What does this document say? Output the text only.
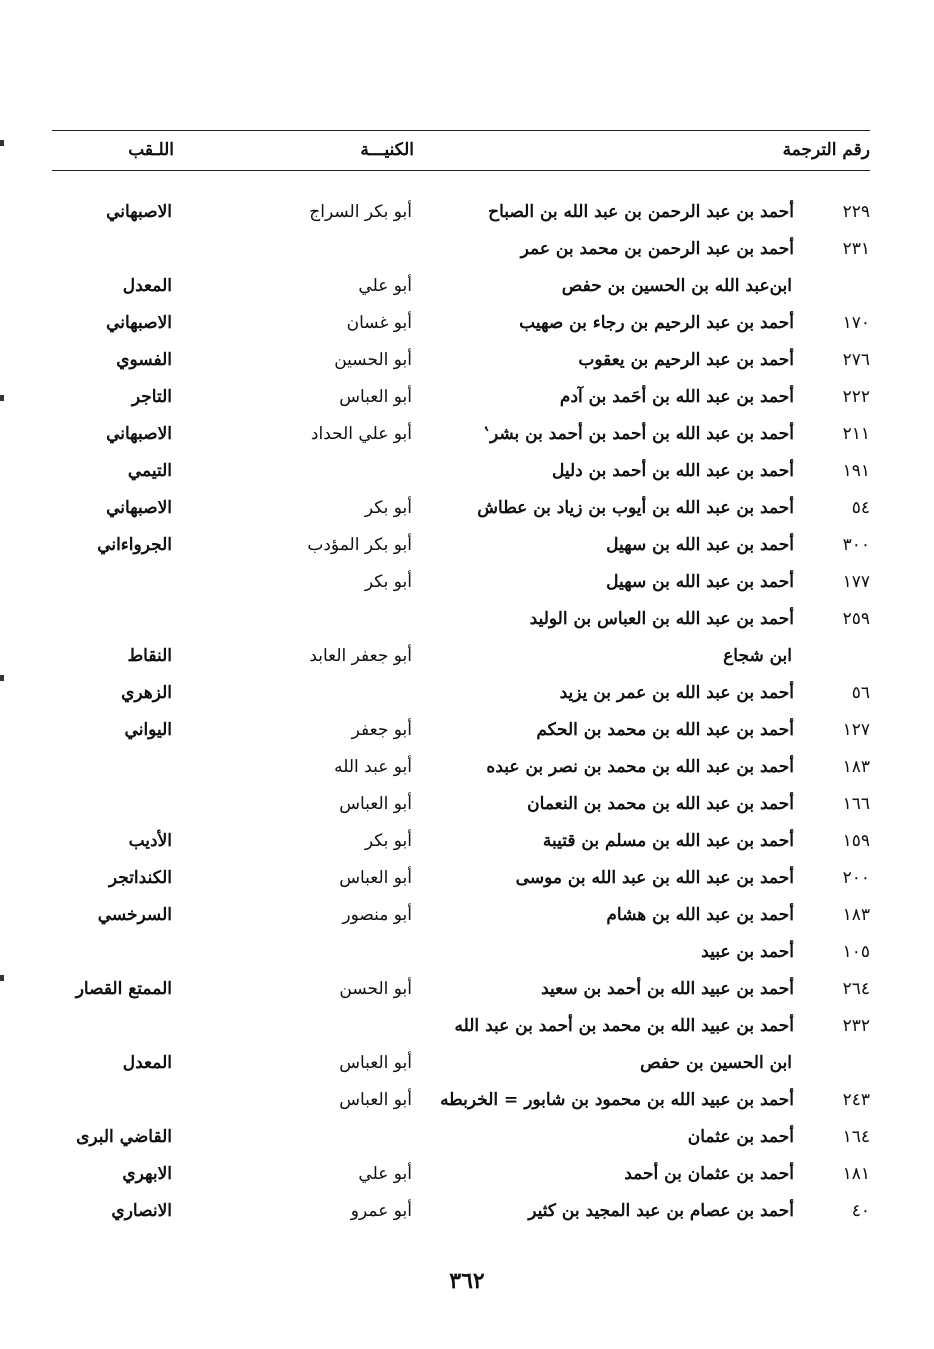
رقم الترجمة
الكنيـــة
اللـقب
٢٢٩
أحمد بن عبد الرحمن بن عبد الله بن الصباح
أبو بكر السراج
الاصبهاني
٢٣١
أحمد بن عبد الرحمن بن محمد بن عمر
ابن‌عبد الله بن الحسين بن حفص
أبو علي
المعدل
١٧٠
أحمد بن عبد الرحيم بن رجاء بن صهيب
أبو غسان
الاصبهاني
٢٧٦
أحمد بن عبد الرحيم بن يعقوب
أبو الحسين
الفسوي
٢٢٢
أحمد بن عبد الله بن أحَمد بن آدم
أبو العباس
التاجر
٢١١
أحمد بن عبد الله بن أحمد بن أحمد بن بشر‛
أبو علي الحداد
الاصبهاني
١٩١
أحمد بن عبد الله بن أحمد بن دليل
التيمي
٥٤
أحمد بن عبد الله بن أيوب بن زياد بن عطاش
أبو بكر
الاصبهاني
٣٠٠
أحمد بن عبد الله بن سهيل
أبو بكر المؤدب
الجرواءاني
١٧٧
أحمد بن عبد الله بن سهيل
أبو بكر
٢٥٩
أحمد بن عبد الله بن العباس بن الوليد
ابن شجاع
أبو جعفر العابد
النقاط
٥٦
أحمد بن عبد الله بن عمر بن يزيد
الزهري
١٢٧
أحمد بن عبد الله بن محمد بن الحكم
أبو جعفر
اليواني
١٨٣
أحمد بن عبد الله بن محمد بن نصر بن عبده
أبو عبد الله
١٦٦
أحمد بن عبد الله بن محمد بن النعمان
أبو العباس
١٥٩
أحمد بن عبد الله بن مسلم بن قتيبة
أبو بكر
الأديب
٢٠٠
أحمد بن عبد الله بن عبد الله بن موسى
أبو العباس
الكنداتجر
١٨٣
أحمد بن عبد الله بن هشام
أبو منصور
السرخسي
١٠٥
أحمد بن عبيد
٢٦٤
أحمد بن عبيد الله بن أحمد بن سعيد
أبو الحسن
الممتع القصار
٢٣٢
أحمد بن عبيد الله بن محمد بن أحمد بن عبد الله
ابن الحسين بن حفص
أبو العباس
المعدل
٢٤٣
أحمد بن عبيد الله بن محمود بن شابور = الخربطه
أبو العباس
١٦٤
أحمد بن عثمان
القاضي البرى
١٨١
أحمد بن عثمان بن أحمد
أبو علي
الابهري
٤٠
أحمد بن عصام بن عبد المجيد بن كثير
أبو عمرو
الانصاري
٣٦٢
